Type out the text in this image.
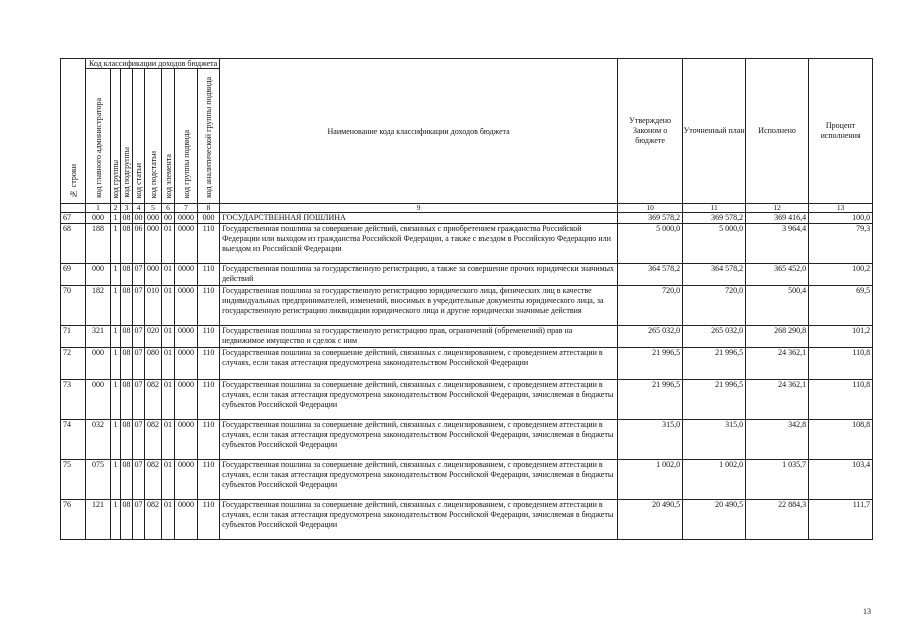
№ строки	Код классификации доходов бюджета								Наименование кода классификации доходов бюджета	Утверждено Законом о бюджете	Уточненный план	Исполнено	Процент исполнения
	код главного администратора	код группы	код подгруппы	код статьи	код подстатьи	код элемента	код группы подвида	код аналитической группы подвида					
	1	2	3	4	5	6	7	8	9	10	11	12	13
67	000	1	08	00	000	00	0000	000	ГОСУДАРСТВЕННАЯ ПОШЛИНА	369 578,2	369 578,2	369 416,4	100,0
68	188	1	08	06	000	01	0000	110	Государственная пошлина за совершение действий, связанных с приобретением гражданства Российской Федерации или выходом из гражданства Российской Федерации, а также с въездом в Российскую Федерацию или выездом из Российской Федерации	5 000,0	5 000,0	3 964,4	79,3
69	000	1	08	07	000	01	0000	110	Государственная пошлина за государственную регистрацию, а также за совершение прочих юридически значимых действий	364 578,2	364 578,2	365 452,0	100,2
70	182	1	08	07	010	01	0000	110	Государственная пошлина за государственную регистрацию юридического лица, физических лиц в качестве индивидуальных предпринимателей, изменений, вносимых в учредительные документы юридического лица, за государственную регистрацию ликвидации юридического лица и другие юридически значимые действия	720,0	720,0	500,4	69,5
71	321	1	08	07	020	01	0000	110	Государственная пошлина за государственную регистрацию прав, ограничений (обременений) прав на недвижимое имущество и сделок с ним	265 032,0	265 032,0	268 290,8	101,2
72	000	1	08	07	080	01	0000	110	Государственная пошлина за совершение действий, связанных с лицензированием, с проведением аттестации в случаях, если такая аттестация предусмотрена законодательством Российской Федерации	21 996,5	21 996,5	24 362,1	110,8
73	000	1	08	07	082	01	0000	110	Государственная пошлина за совершение действий, связанных с лицензированием, с проведением аттестации в случаях, если такая аттестация предусмотрена законодательством Российской Федерации, зачисляемая в бюджеты субъектов Российской Федерации	21 996,5	21 996,5	24 362,1	110,8
74	032	1	08	07	082	01	0000	110	Государственная пошлина за совершение действий, связанных с лицензированием, с проведением аттестации в случаях, если такая аттестация предусмотрена законодательством Российской Федерации, зачисляемая в бюджеты субъектов Российской Федерации	315,0	315,0	342,8	108,8
75	075	1	08	07	082	01	0000	110	Государственная пошлина за совершение действий, связанных с лицензированием, с проведением аттестации в случаях, если такая аттестация предусмотрена законодательством Российской Федерации, зачисляемая в бюджеты субъектов Российской Федерации	1 002,0	1 002,0	1 035,7	103,4
76	121	1	08	07	082	01	0000	110	Государственная пошлина за совершение действий, связанных с лицензированием, с проведением аттестации в случаях, если такая аттестация предусмотрена законодательством Российской Федерации, зачисляемая в бюджеты субъектов Российской Федерации	20 490,5	20 490,5	22 884,3	111,7
13
